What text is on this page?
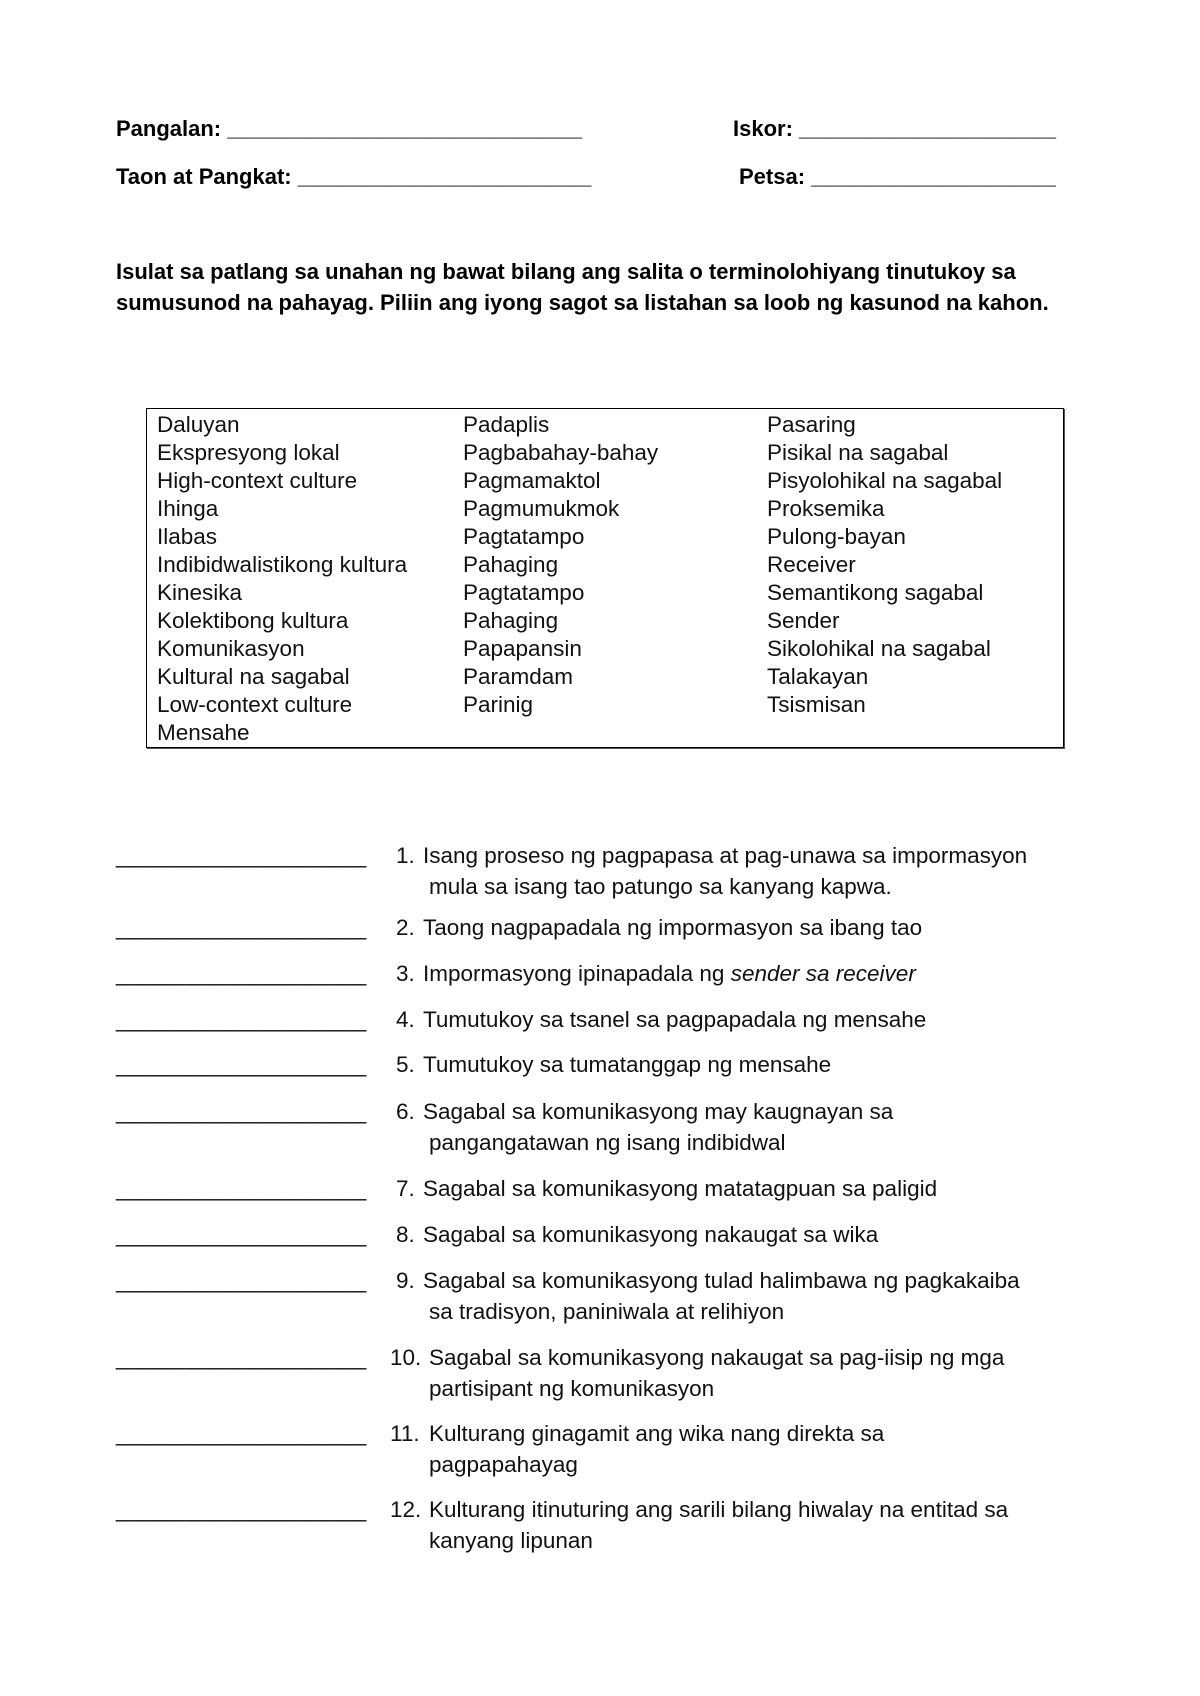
Pangalan: _____________________________	Iskor: _____________________
Taon at Pangkat: ________________________	Petsa: ____________________
Isulat sa patlang sa unahan ng bawat bilang ang salita o terminolohiyang tinutukoy sa sumusunod na pahayag. Piliin ang iyong sagot sa listahan sa loob ng kasunod na kahon.
Daluyan
Ekspresyong lokal
High-context culture
Ihinga
Ilabas
Indibidwalistikong kultura
Kinesika
Kolektibong kultura
Komunikasyon
Kultural na sagabal
Low-context culture
Mensahe
Padaplis
Pagbabahay-bahay
Pagmamaktol
Pagmumukmok
Pagtatampo
Pahaging
Pagtatampo
Pahaging
Papapansin
Paramdam
Parinig
Pasaring
Pisikal na sagabal
Pisyolohikal na sagabal
Proksemika
Pulong-bayan
Receiver
Semantikong sagabal
Sender
Sikolohikal na sagabal
Talakayan
Tsismisan
____________________ 1. Isang proseso ng pagpapasa at pag-unawa sa impormasyon
mula sa isang tao patungo sa kanyang kapwa.
____________________ 2. Taong nagpapadala ng impormasyon sa ibang tao
____________________ 3. Impormasyong ipinapadala ng sender sa receiver
____________________ 4. Tumutukoy sa tsanel sa pagpapadala ng mensahe
____________________ 5. Tumutukoy sa tumatanggap ng mensahe
____________________ 6. Sagabal sa komunikasyong may kaugnayan sa
pangangatawan ng isang indibidwal
____________________ 7. Sagabal sa komunikasyong matatagpuan sa paligid
____________________ 8. Sagabal sa komunikasyong nakaugat sa wika
____________________ 9. Sagabal sa komunikasyong tulad halimbawa ng pagkakaiba
sa tradisyon, paniniwala at relihiyon
____________________ 10. Sagabal sa komunikasyong nakaugat sa pag-iisip ng mga
partisipant ng komunikasyon
____________________ 11. Kulturang ginagamit ang wika nang direkta sa
pagpapahayag
____________________ 12. Kulturang itinuturing ang sarili bilang hiwalay na entitad sa
kanyang lipunan
